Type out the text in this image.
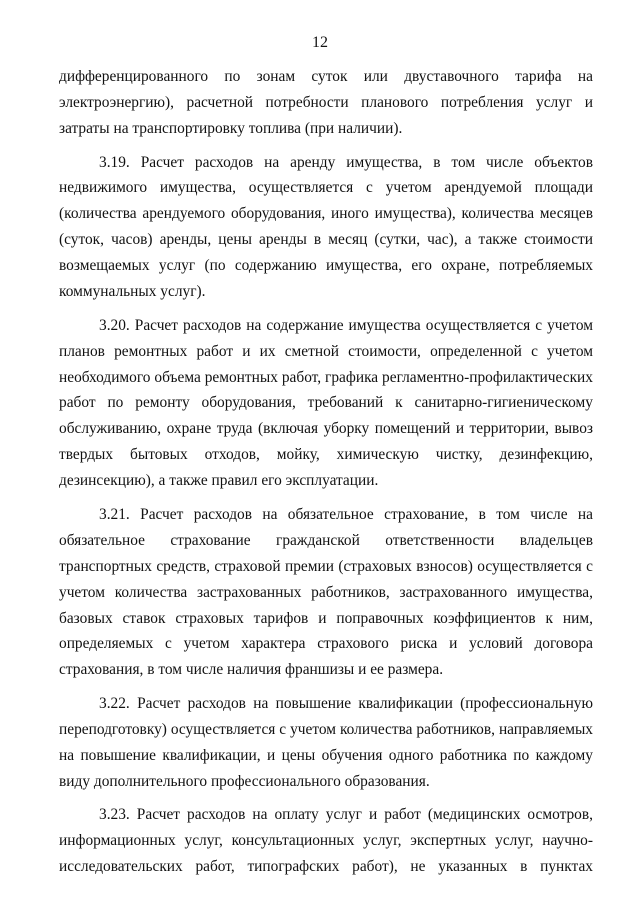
12

дифференцированного по зонам суток или двуставочного тарифа на электроэнергию), расчетной потребности планового потребления услуг и затраты на транспортировку топлива (при наличии).

3.19. Расчет расходов на аренду имущества, в том числе объектов недвижимого имущества, осуществляется с учетом арендуемой площади (количества арендуемого оборудования, иного имущества), количества месяцев (суток, часов) аренды, цены аренды в месяц (сутки, час), а также стоимости возмещаемых услуг (по содержанию имущества, его охране, потребляемых коммунальных услуг).

3.20. Расчет расходов на содержание имущества осуществляется с учетом планов ремонтных работ и их сметной стоимости, определенной с учетом необходимого объема ремонтных работ, графика регламентно-профилактических работ по ремонту оборудования, требований к санитарно-гигиеническому обслуживанию, охране труда (включая уборку помещений и территории, вывоз твердых бытовых отходов, мойку, химическую чистку, дезинфекцию, дезинсекцию), а также правил его эксплуатации.

3.21. Расчет расходов на обязательное страхование, в том числе на обязательное страхование гражданской ответственности владельцев транспортных средств, страховой премии (страховых взносов) осуществляется с учетом количества застрахованных работников, застрахованного имущества, базовых ставок страховых тарифов и поправочных коэффициентов к ним, определяемых с учетом характера страхового риска и условий договора страхования, в том числе наличия франшизы и ее размера.

3.22. Расчет расходов на повышение квалификации (профессиональную переподготовку) осуществляется с учетом количества работников, направляемых на повышение квалификации, и цены обучения одного работника по каждому виду дополнительного профессионального образования.

3.23. Расчет расходов на оплату услуг и работ (медицинских осмотров, информационных услуг, консультационных услуг, экспертных услуг, научно-исследовательских работ, типографских работ), не указанных в пунктах
